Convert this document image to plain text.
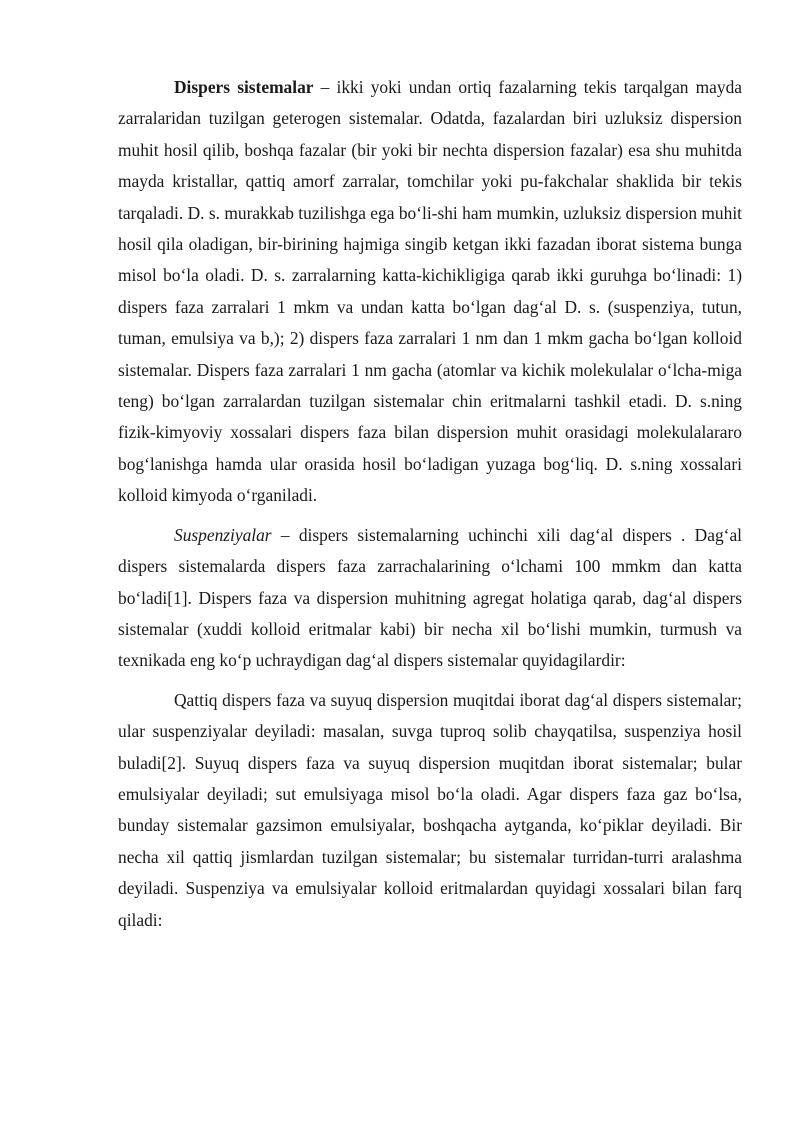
Dispers sistemalar – ikki yoki undan ortiq fazalarning tekis tarqalgan mayda zarralaridan tuzilgan geterogen sistemalar. Odatda, fazalardan biri uzluksiz dispersion muhit hosil qilib, boshqa fazalar (bir yoki bir nechta dispersion fazalar) esa shu muhitda mayda kristallar, qattiq amorf zarralar, tomchilar yoki pu-fakchalar shaklida bir tekis tarqaladi. D. s. murakkab tuzilishga ega boʻli-shi ham mumkin, uzluksiz dispersion muhit hosil qila oladigan, bir-birining hajmiga singib ketgan ikki fazadan iborat sistema bunga misol boʻla oladi. D. s. zarralarning katta-kichikligiga qarab ikki guruhga boʻlinadi: 1) dispers faza zarralari 1 mkm va undan katta boʻlgan dagʻal D. s. (suspenziya, tutun, tuman, emulsiya va b,); 2) dispers faza zarralari 1 nm dan 1 mkm gacha boʻlgan kolloid sistemalar. Dispers faza zarralari 1 nm gacha (atomlar va kichik molekulalar oʻlcha-miga teng) boʻlgan zarralardan tuzilgan sistemalar chin eritmalarni tashkil etadi. D. s.ning fizik-kimyoviy xossalari dispers faza bilan dispersion muhit orasidagi molekulalararo bogʻlanishga hamda ular orasida hosil boʻladigan yuzaga bogʻliq. D. s.ning xossalari kolloid kimyoda oʻrganiladi.

Suspenziyalar – dispers sistemalarning uchinchi xili dagʻal dispers . Dagʻal dispers sistemalarda dispers faza zarrachalarining oʻlchami 100 mmkm dan katta boʻladi[1]. Dispers faza va dispersion muhitning agregat holatiga qarab, dagʻal dispers sistemalar (xuddi kolloid eritmalar kabi) bir necha xil boʻlishi mumkin, turmush va texnikada eng koʻp uchraydigan dagʻal dispers sistemalar quyidagilardir:

Qattiq dispers faza va suyuq dispersion muqitdai iborat dagʻal dispers sistemalar; ular suspenziyalar deyiladi: masalan, suvga tuproq solib chayqatilsa, suspenziya hosil buladi[2]. Suyuq dispers faza va suyuq dispersion muqitdan iborat sistemalar; bular emulsiyalar deyiladi; sut emulsiyaga misol boʻla oladi. Agar dispers faza gaz boʻlsa, bunday sistemalar gazsimon emulsiyalar, boshqacha aytganda, koʻpiklar deyiladi. Bir necha xil qattiq jismlardan tuzilgan sistemalar; bu sistemalar turridan-turri aralashma deyiladi. Suspenziya va emulsiyalar kolloid eritmalardan quyidagi xossalari bilan farq qiladi:
